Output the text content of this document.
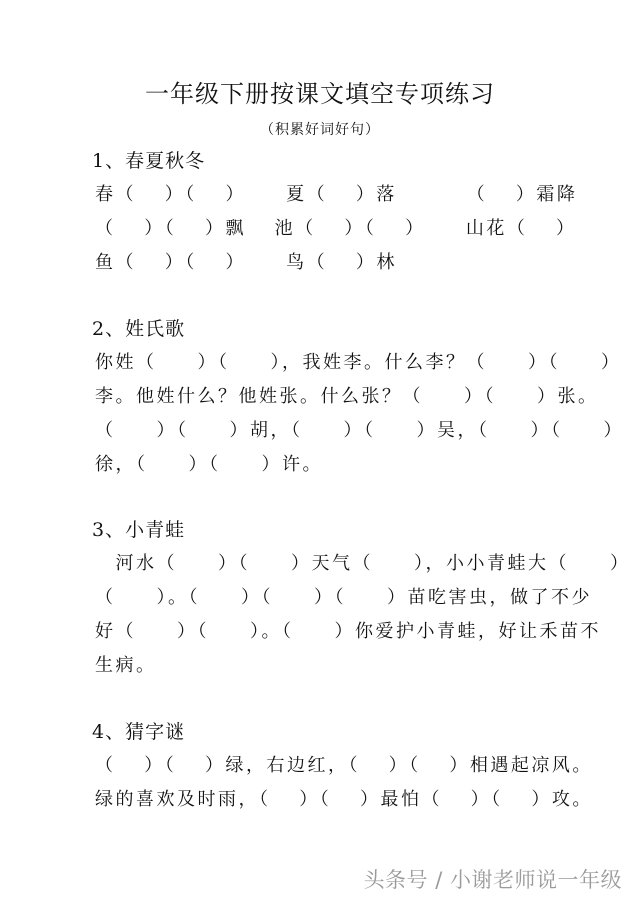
一年级下册按课文填空专项练习
（积累好词好句）
1、春夏秋冬
春（　 ）（　 ）　　 夏（　 ）落　　　 （　 ）霜降
（　 ）（　 ）飘　 池（　 ）（　 ）　　 山花（　 ）
鱼（　 ）（　 ）　　 鸟（　 ）林
2、姓氏歌
你姓（　　）（　　），我姓李。什么李？（　　）（　　）
李。他姓什么？他姓张。什么张？（　　）（　　）张。
（　　）（　　）胡，（　　）（　　）吴，（　　）（　　）
徐，（　　）（　　）许。
3、小青蛙
　河水（　　）（　　）天气（　　），小小青蛙大（　　）
（　　）。（　　）（　　）（　　）苗吃害虫，做了不少
好（　　）（　　）。（　　）你爱护小青蛙，好让禾苗不
生病。
4、猜字谜
（　 ）（　 ）绿，右边红，（　 ）（　 ）相遇起凉风。
绿的喜欢及时雨，（　 ）（　 ）最怕（　 ）（　 ）攻。
头条号 / 小谢老师说一年级
